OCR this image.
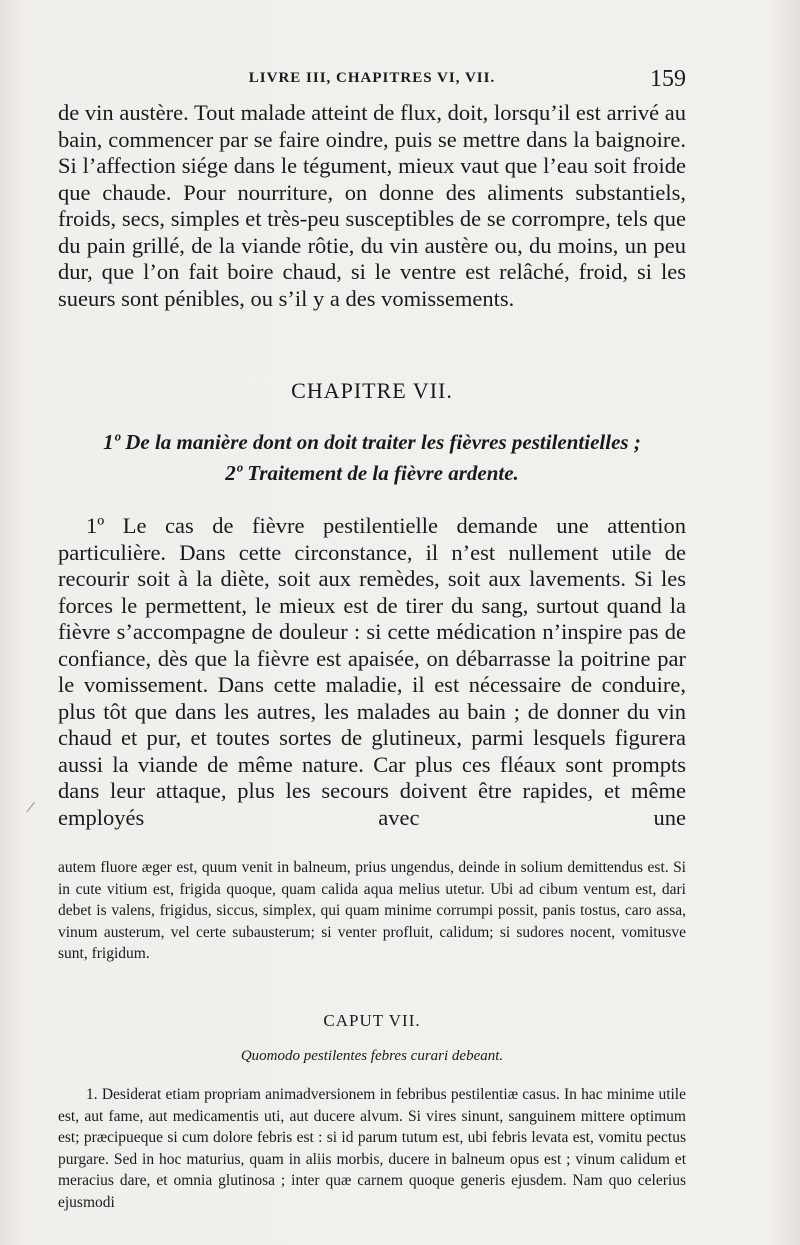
LIVRE III, CHAPITRES VI, VII.	159
de vin austère. Tout malade atteint de flux, doit, lorsqu’il est arrivé au bain, commencer par se faire oindre, puis se mettre dans la baignoire. Si l’affection siége dans le tégument, mieux vaut que l’eau soit froide que chaude. Pour nourriture, on donne des aliments substantiels, froids, secs, simples et très-peu susceptibles de se corrompre, tels que du pain grillé, de la viande rôtie, du vin austère ou, du moins, un peu dur, que l’on fait boire chaud, si le ventre est relâché, froid, si les sueurs sont pénibles, ou s’il y a des vomissements.
CHAPITRE VII.
1º De la manière dont on doit traiter les fièvres pestilentielles ;
2º Traitement de la fièvre ardente.
1º Le cas de fièvre pestilentielle demande une attention particulière. Dans cette circonstance, il n’est nullement utile de recourir soit à la diète, soit aux remèdes, soit aux lavements. Si les forces le permettent, le mieux est de tirer du sang, surtout quand la fièvre s’accompagne de douleur : si cette médication n’inspire pas de confiance, dès que la fièvre est apaisée, on débarrasse la poitrine par le vomissement. Dans cette maladie, il est nécessaire de conduire, plus tôt que dans les autres, les malades au bain ; de donner du vin chaud et pur, et toutes sortes de glutineux, parmi lesquels figurera aussi la viande de même nature. Car plus ces fléaux sont prompts dans leur attaque, plus les secours doivent être rapides, et même employés avec une
/
autem fluore æger est, quum venit in balneum, prius ungendus, deinde in solium demittendus est. Si in cute vitium est, frigida quoque, quam calida aqua melius utetur. Ubi ad cibum ventum est, dari debet is valens, frigidus, siccus, simplex, qui quam minime corrumpi possit, panis tostus, caro assa, vinum austerum, vel certe subausterum; si venter profluit, calidum; si sudores nocent, vomitusve sunt, frigidum.
CAPUT VII.
Quomodo pestilentes febres curari debeant.
1. Desiderat etiam propriam animadversionem in febribus pestilentiæ casus. In hac minime utile est, aut fame, aut medicamentis uti, aut ducere alvum. Si vires sinunt, sanguinem mittere optimum est; præcipueque si cum dolore febris est : si id parum tutum est, ubi febris levata est, vomitu pectus purgare. Sed in hoc maturius, quam in aliis morbis, ducere in balneum opus est ; vinum calidum et meracius dare, et omnia glutinosa ; inter quæ carnem quoque generis ejusdem. Nam quo celerius ejusmodi
